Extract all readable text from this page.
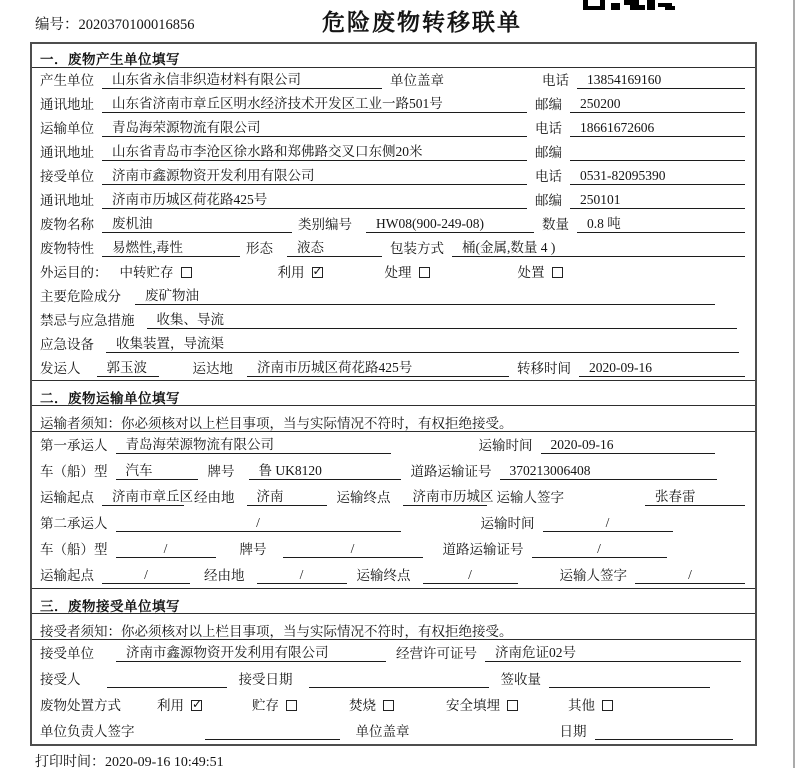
编号：2020370100016856	危险废物转移联单
一．废物产生单位填写
产生单位	山东省永信非织造材料有限公司	单位盖章	电话	13854169160
通讯地址	山东省济南市章丘区明水经济技术开发区工业一路501号	邮编	250200
运输单位	青岛海荣源物流有限公司	电话	18661672606
通讯地址	山东省青岛市李沧区徐水路和郑佛路交叉口东侧20米	邮编
接受单位	济南市鑫源物资开发利用有限公司	电话	0531-82095390
通讯地址	济南市历城区荷花路425号	邮编	250101
废物名称	废机油	类别编号	HW08(900-249-08)	数量	0.8 吨
废物特性	易燃性,毒性	形态	液态	包装方式	桶(金属,数量 4 )
外运目的： 中转贮存	利用 ✓	处理	处置
主要危险成分	废矿物油
禁忌与应急措施	收集、导流
应急设备	收集装置，导流渠
发运人	郭玉波	运达地	济南市历城区荷花路425号	转移时间	2020-09-16
二．废物运输单位填写
运输者须知：你必须核对以上栏目事项，当与实际情况不符时，有权拒绝接受。
第一承运人	青岛海荣源物流有限公司	运输时间	2020-09-16
车（船）型	汽车	牌号	鲁 UK8120	道路运输证号	370213006408
运输起点	济南市章丘区 经由地	济南	运输终点	济南市历城区 运输人签字	张春雷
第二承运人	/	运输时间	/
车（船）型	/	牌号	/	道路运输证号	/
运输起点	/	经由地	/	运输终点	/	运输人签字	/
三．废物接受单位填写
接受者须知：你必须核对以上栏目事项，当与实际情况不符时，有权拒绝接受。
接受单位	济南市鑫源物资开发利用有限公司	经营许可证号	济南危证02号
接受人	接受日期	签收量
废物处置方式	利用 ✓	贮存	焚烧	安全填埋	其他
单位负责人签字	单位盖章	日期
打印时间：2020-09-16 10:49:51
